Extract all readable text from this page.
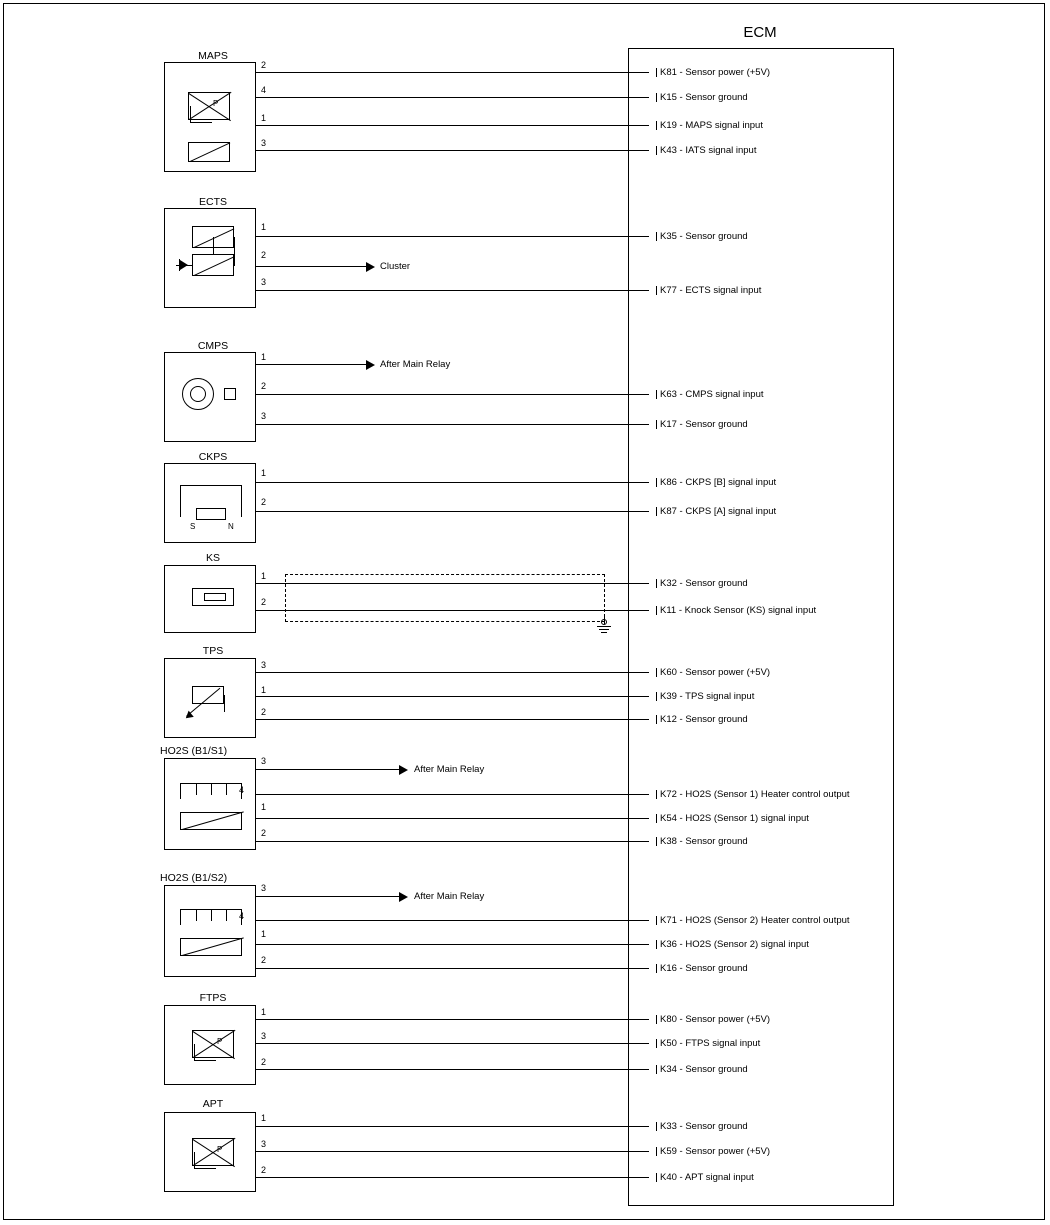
ECM
MAPS
P
2
4
1
3
K81 - Sensor power (+5V)
K15 - Sensor ground
K19 - MAPS signal input
K43 - IATS signal input
ECTS
1
2
3
Cluster
K35 - Sensor ground
K77 - ECTS signal input
CMPS
1
2
3
After Main Relay
K63 - CMPS signal input
K17 - Sensor ground
CKPS
S	N
1
2
K86 - CKPS [B] signal input
K87 - CKPS [A] signal input
KS
1
2
K32 - Sensor ground
K11 - Knock Sensor (KS) signal input
TPS
3
1
2
K60 - Sensor power (+5V)
K39 - TPS signal input
K12 - Sensor ground
HO2S (B1/S1)
3
4
1
2
After Main Relay
K72 - HO2S (Sensor 1) Heater control output
K54 - HO2S (Sensor 1) signal input
K38 - Sensor ground
HO2S (B1/S2)
3
4
1
2
After Main Relay
K71 - HO2S (Sensor 2) Heater control output
K36 - HO2S (Sensor 2) signal input
K16 - Sensor ground
FTPS
P
1
3
2
K80 - Sensor power (+5V)
K50 - FTPS signal input
K34 - Sensor ground
APT
P
1
3
2
K33 - Sensor ground
K59 - Sensor power (+5V)
K40 - APT signal input
